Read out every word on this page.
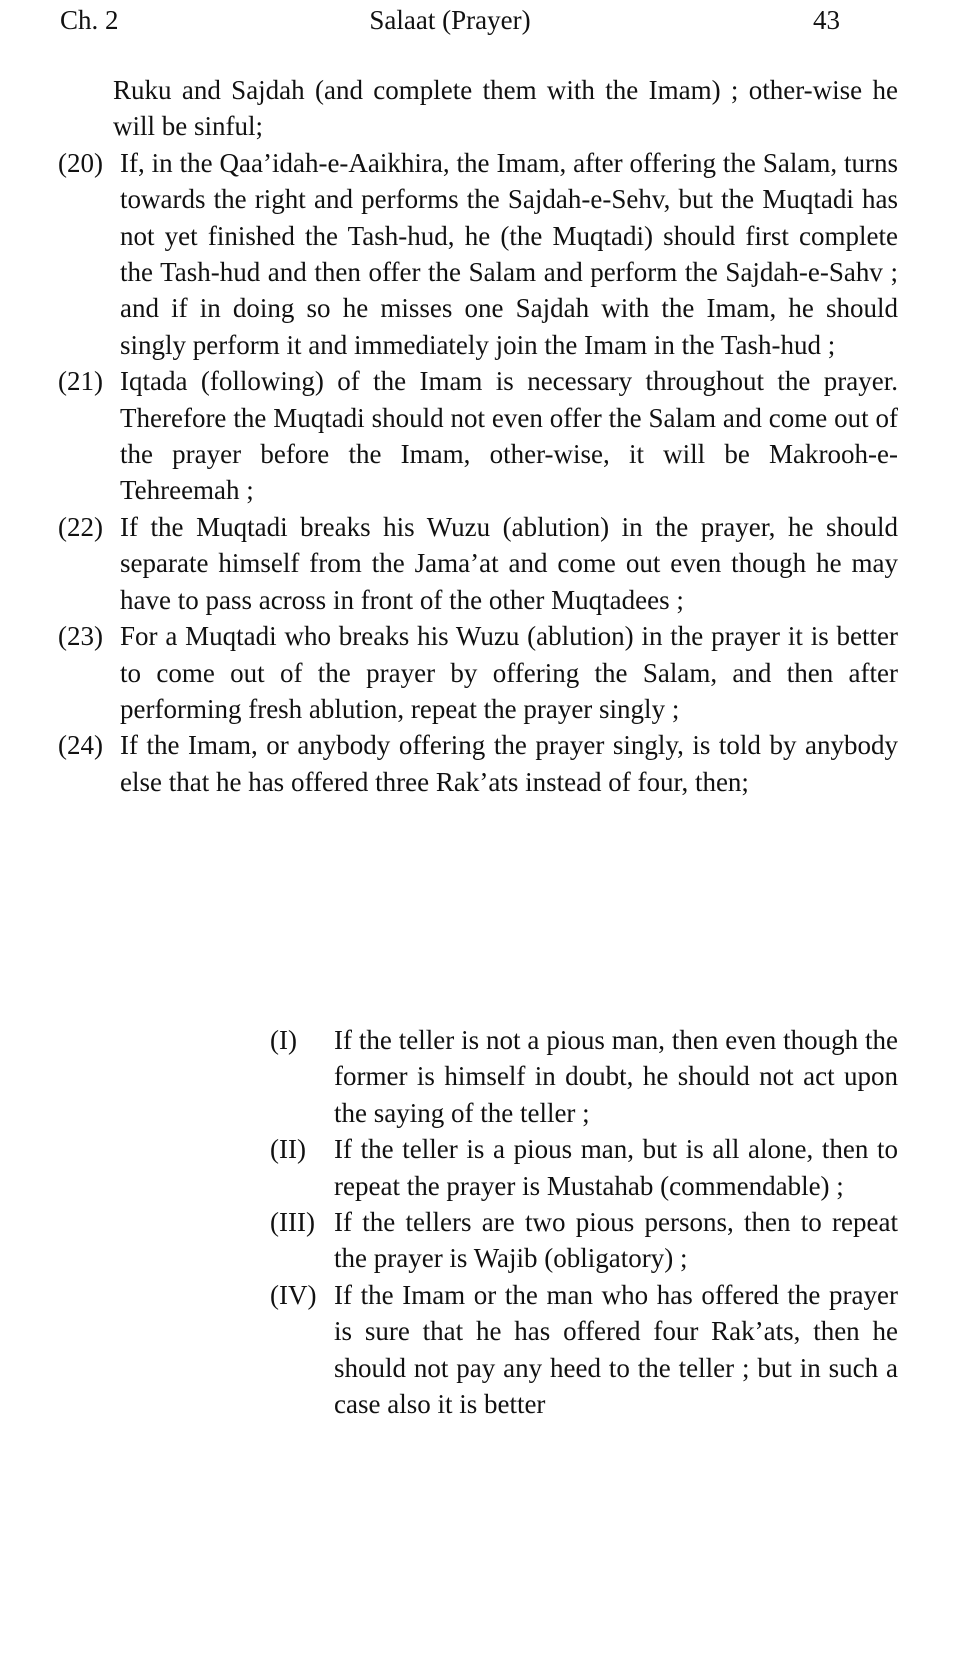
Ch. 2	Salaat (Prayer)	43

Ruku and Sajdah (and complete them with the Imam) ; other-wise he will be sinful;

(20) If, in the Qaa’idah-e-Aaikhira, the Imam, after offering the Salam, turns towards the right and performs the Sajdah-e-Sehv, but the Muqtadi has not yet finished the Tash-hud, he (the Muqtadi) should first complete the Tash-hud and then offer the Salam and perform the Sajdah-e-Sahv ; and if in doing so he misses one Sajdah with the Imam, he should singly perform it and immediately join the Imam in the Tash-hud ;
(21) Iqtada (following) of the Imam is necessary throughout the prayer. Therefore the Muqtadi should not even offer the Salam and come out of the prayer before the Imam, other-wise, it will be Makrooh-e-Tehreemah ;
(22) If the Muqtadi breaks his Wuzu (ablution) in the prayer, he should separate himself from the Jama’at and come out even though he may have to pass across in front of the other Muqtadees ;
(23) For a Muqtadi who breaks his Wuzu (ablution) in the prayer it is better to come out of the prayer by offering the Salam, and then after performing fresh ablution, repeat the prayer singly ;
(24) If the Imam, or anybody offering the prayer singly, is told by anybody else that he has offered three Rak’ats instead of four, then;
(I) If the teller is not a pious man, then even though the former is himself in doubt, he should not act upon the saying of the teller ;
(II) If the teller is a pious man, but is all alone, then to repeat the prayer is Mustahab (commendable) ;
(III) If the tellers are two pious persons, then to repeat the prayer is Wajib (obligatory) ;
(IV) If the Imam or the man who has offered the prayer is sure that he has offered four Rak’ats, then he should not pay any heed to the teller ; but in such a case also it is better
